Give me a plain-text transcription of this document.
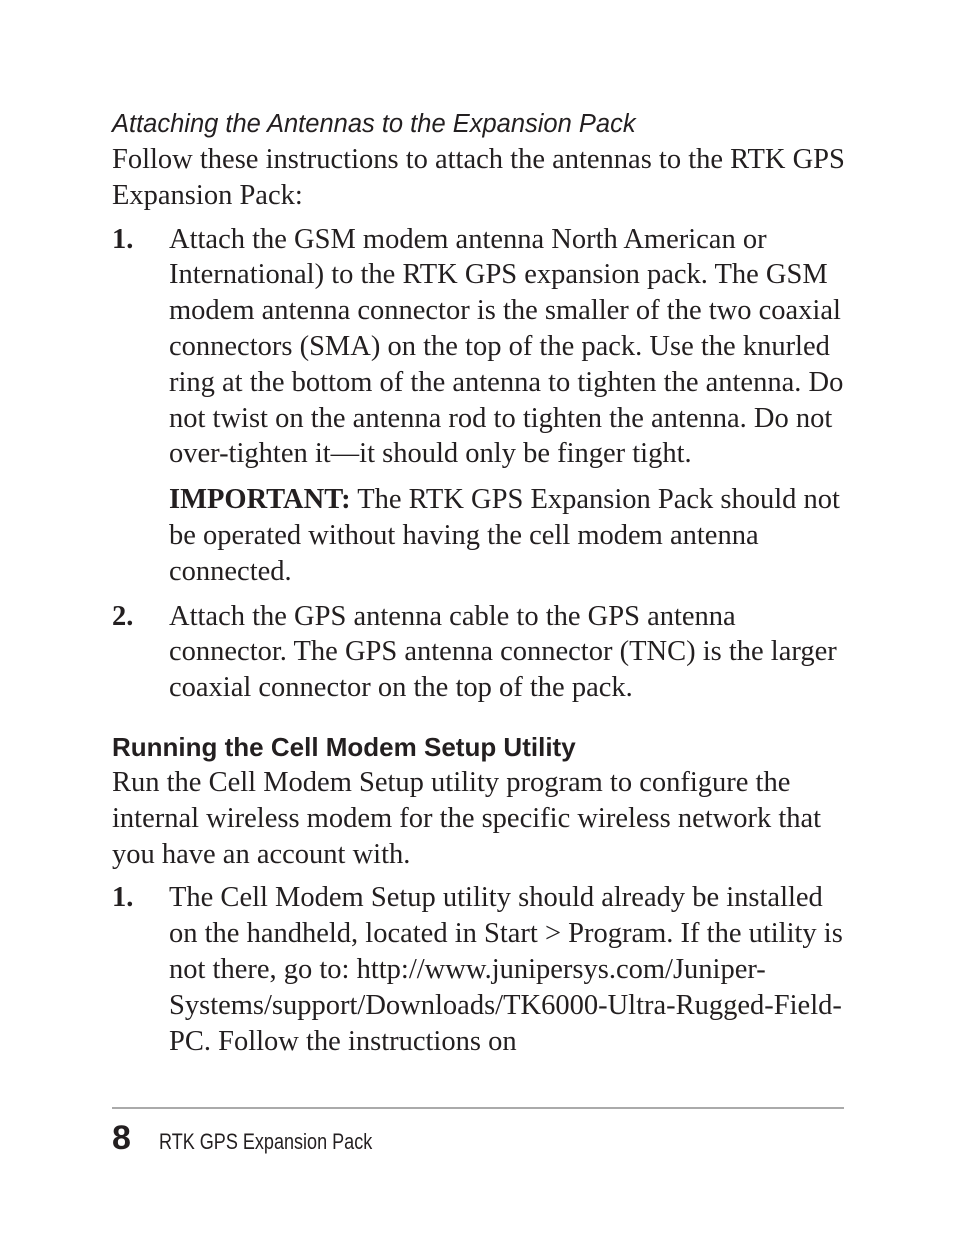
Attaching the Antennas to the Expansion Pack

Follow these instructions to attach the antennas to the RTK GPS Expansion Pack:

1. Attach the GSM modem antenna North American or International) to the RTK GPS expansion pack. The GSM modem antenna connector is the smaller of the two coaxial connectors (SMA) on the top of the pack. Use the knurled ring at the bottom of the antenna to tighten the antenna. Do not twist on the antenna rod to tighten the antenna. Do not over-tighten it—it should only be finger tight.

IMPORTANT: The RTK GPS Expansion Pack should not be operated without having the cell modem antenna connected.

2. Attach the GPS antenna cable to the GPS antenna connector. The GPS antenna connector (TNC) is the larger coaxial connector on the top of the pack.

Running the Cell Modem Setup Utility

Run the Cell Modem Setup utility program to configure the internal wireless modem for the specific wireless network that you have an account with.

1. The Cell Modem Setup utility should already be installed on the handheld, located in Start > Program. If the utility is not there, go to: http://www.junipersys.com/Juniper-Systems/support/Downloads/TK6000-Ultra-Rugged-Field-PC. Follow the instructions on

8 RTK GPS Expansion Pack
